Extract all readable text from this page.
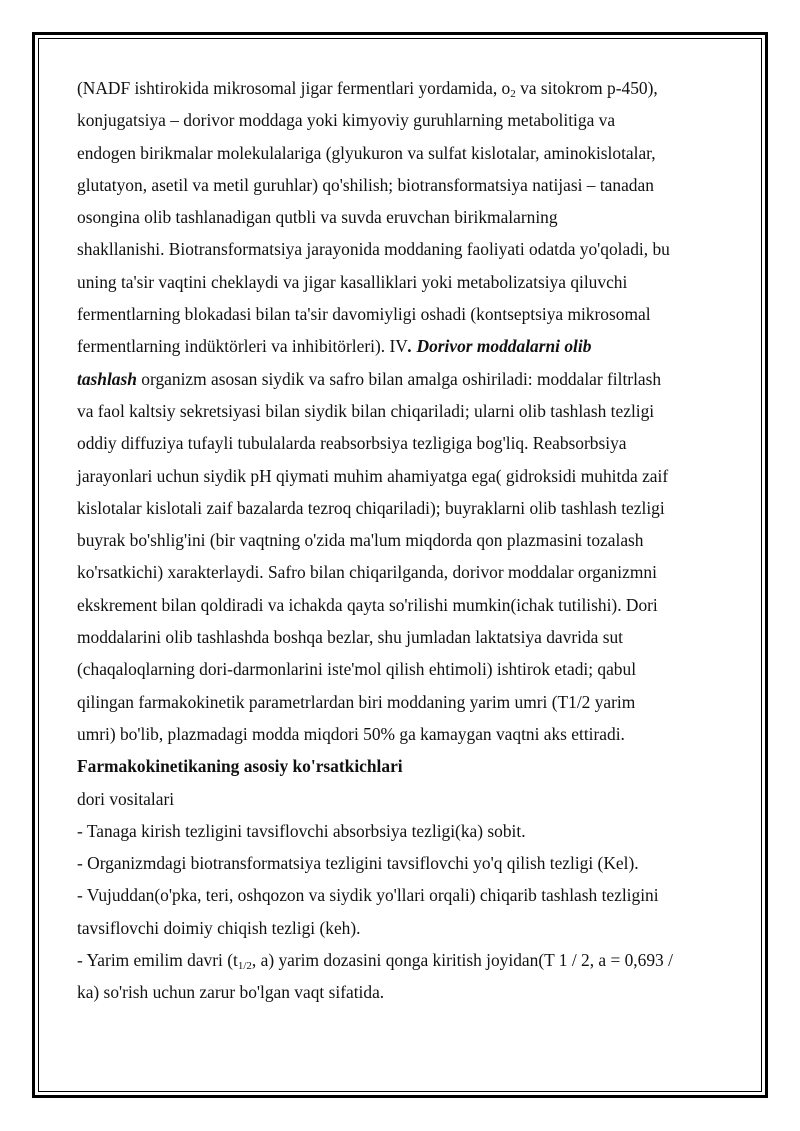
(NADF ishtirokida mikrosomal jigar fermentlari yordamida, $o_2$ va sitokrom p-450),

konjugatsiya – dorivor moddaga yoki kimyoviy guruhlarning metabolitiga va

endogen birikmalar molekulalariga (glyukuron va sulfat kislotalar, aminokislotalar,

glutatyon, asetil va metil guruhlar) qo'shilish; biotransformatsiya natijasi – tanadan

osongina olib tashlanadigan qutbli va suvda eruvchan birikmalarning

shakllanishi. Biotransformatsiya jarayonida moddaning faoliyati odatda yo'qoladi, bu

uning ta'sir vaqtini cheklaydi va jigar kasalliklari yoki metabolizatsiya qiluvchi

fermentlarning blokadasi bilan ta'sir davomiyligi oshadi (kontseptsiya mikrosomal

fermentlarning indüktörleri va inhibitörleri). IV. Dorivor moddalarni olib

tashlash organizm asosan siydik va safro bilan amalga oshiriladi: moddalar filtrlash

va faol kaltsiy sekretsiyasi bilan siydik bilan chiqariladi; ularni olib tashlash tezligi

oddiy diffuziya tufayli tubulalarda reabsorbsiya tezligiga bog'liq. Reabsorbsiya

jarayonlari uchun siydik pH qiymati muhim ahamiyatga ega( gidroksidi muhitda zaif

kislotalar kislotali zaif bazalarda tezroq chiqariladi); buyraklarni olib tashlash tezligi

buyrak bo'shlig'ini (bir vaqtning o'zida ma'lum miqdorda qon plazmasini tozalash

ko'rsatkichi) xarakterlaydi. Safro bilan chiqarilganda, dorivor moddalar organizmni

ekskrement bilan qoldiradi va ichakda qayta so'rilishi mumkin(ichak tutilishi). Dori

moddalarini olib tashlashda boshqa bezlar, shu jumladan laktatsiya davrida sut

(chaqaloqlarning dori-darmonlarini iste'mol qilish ehtimoli) ishtirok etadi; qabul

qilingan farmakokinetik parametrlardan biri moddaning yarim umri (T1/2 yarim

umri) bo'lib, plazmadagi modda miqdori 50% ga kamaygan vaqtni aks ettiradi.

Farmakokinetikaning asosiy ko'rsatkichlari

dori vositalari

- Tanaga kirish tezligini tavsiflovchi absorbsiya tezligi(ka) sobit.

- Organizmdagi biotransformatsiya tezligini tavsiflovchi yo'q qilish tezligi (Kel).

- Vujuddan(o'pka, teri, oshqozon va siydik yo'llari orqali) chiqarib tashlash tezligini

tavsiflovchi doimiy chiqish tezligi (keh).

- Yarim emilim davri ($t_{1/2}$, a) yarim dozasini qonga kiritish joyidan(T 1 / 2, a = 0,693 /

ka) so'rish uchun zarur bo'lgan vaqt sifatida.
